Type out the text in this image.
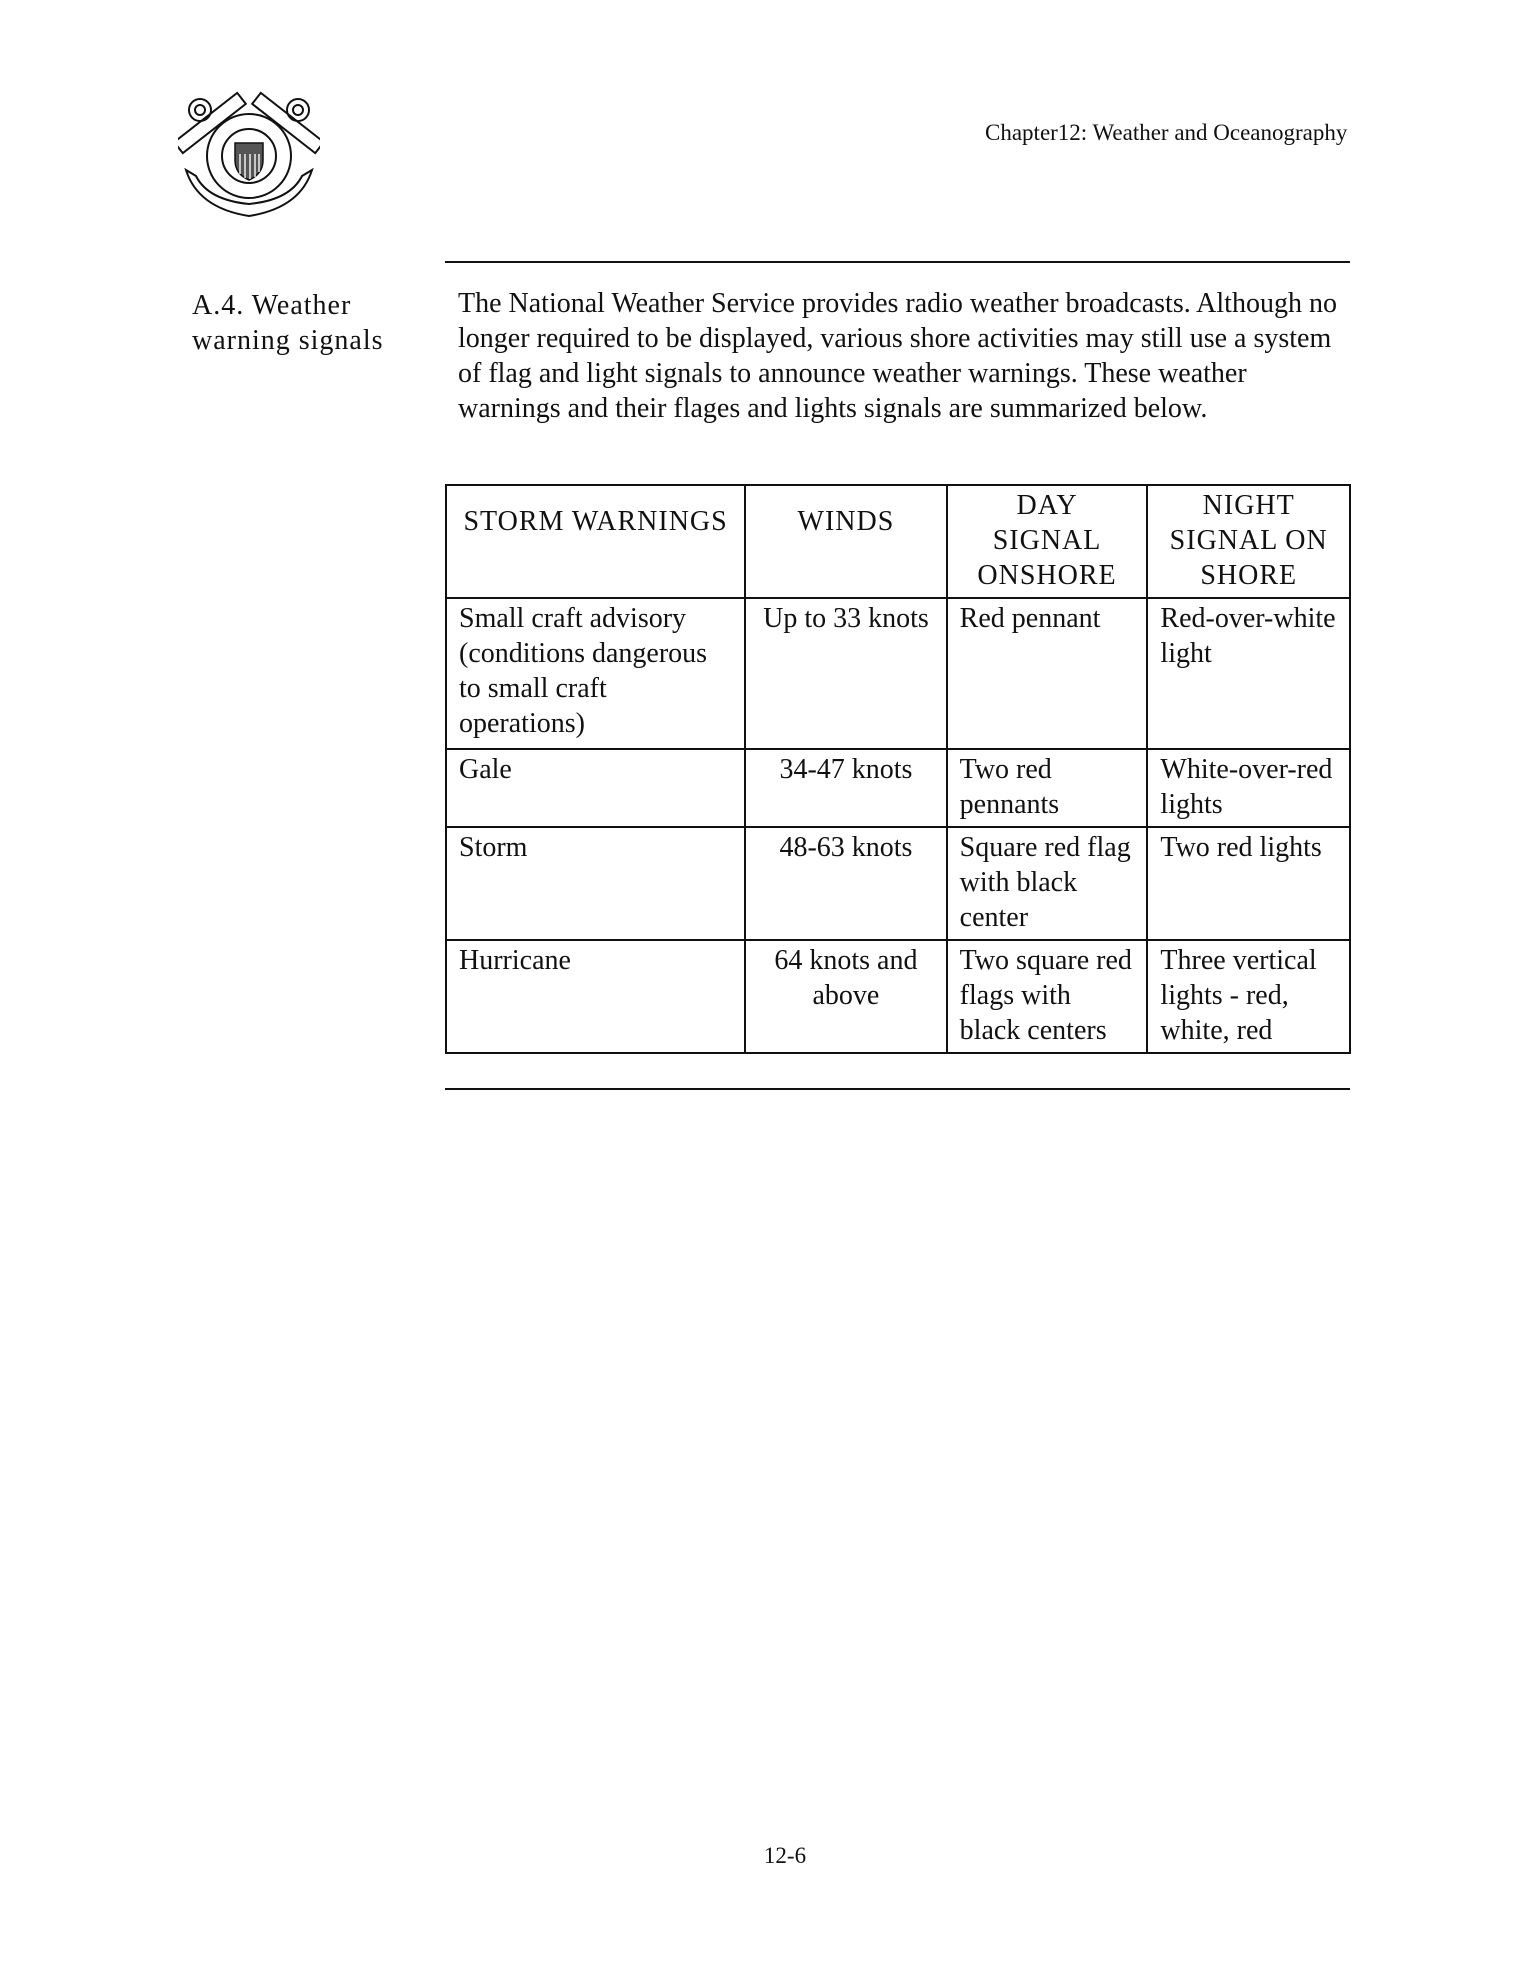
Chapter12: Weather and Oceanography
A.4. Weather warning signals
The National Weather Service provides radio weather broadcasts. Although no longer required to be displayed, various shore activities may still use a system of flag and light signals to announce weather warnings. These weather warnings and their flages and lights signals are summarized below.
STORM WARNINGS	WINDS	DAY SIGNAL ONSHORE	NIGHT SIGNAL ON SHORE
Small craft advisory (conditions dangerous to small craft operations)	Up to 33 knots	Red pennant	Red-over-white light
Gale	34-47 knots	Two red pennants	White-over-red lights
Storm	48-63 knots	Square red flag with black center	Two red lights
Hurricane	64 knots and above	Two square red flags with black centers	Three vertical lights - red, white, red
12-6
